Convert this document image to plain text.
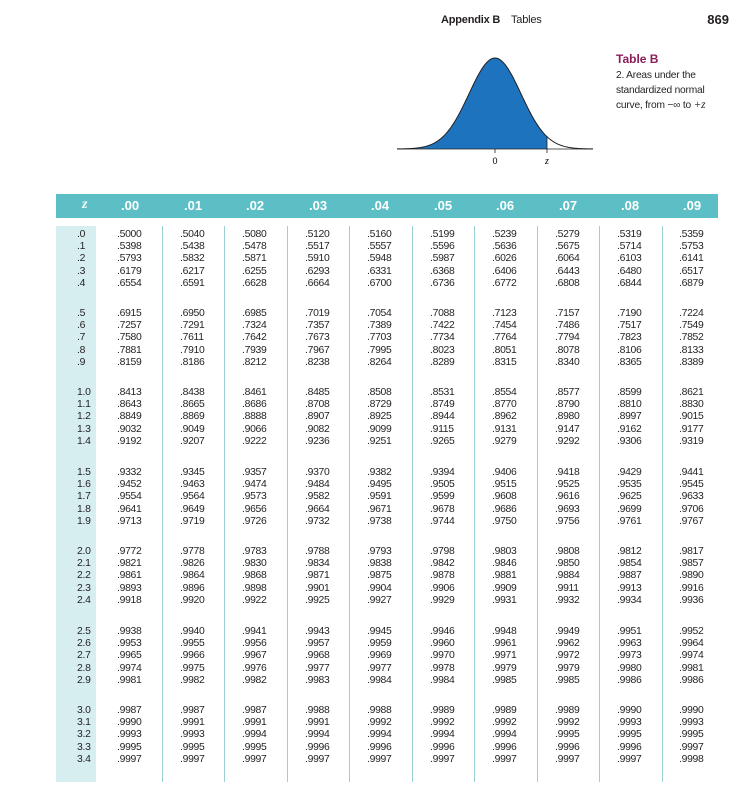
Appendix B Tables	869
0	z
Table B
2. Areas under the
standardized normal
curve, from −∞ to +z
z	.00	.01	.02	.03	.04	.05	.06	.07	.08	.09
.0	.5000	.5040	.5080	.5120	.5160	.5199	.5239	.5279	.5319	.5359
.1	.5398	.5438	.5478	.5517	.5557	.5596	.5636	.5675	.5714	.5753
.2	.5793	.5832	.5871	.5910	.5948	.5987	.6026	.6064	.6103	.6141
.3	.6179	.6217	.6255	.6293	.6331	.6368	.6406	.6443	.6480	.6517
.4	.6554	.6591	.6628	.6664	.6700	.6736	.6772	.6808	.6844	.6879
.5	.6915	.6950	.6985	.7019	.7054	.7088	.7123	.7157	.7190	.7224
.6	.7257	.7291	.7324	.7357	.7389	.7422	.7454	.7486	.7517	.7549
.7	.7580	.7611	.7642	.7673	.7703	.7734	.7764	.7794	.7823	.7852
.8	.7881	.7910	.7939	.7967	.7995	.8023	.8051	.8078	.8106	.8133
.9	.8159	.8186	.8212	.8238	.8264	.8289	.8315	.8340	.8365	.8389
1.0	.8413	.8438	.8461	.8485	.8508	.8531	.8554	.8577	.8599	.8621
1.1	.8643	.8665	.8686	.8708	.8729	.8749	.8770	.8790	.8810	.8830
1.2	.8849	.8869	.8888	.8907	.8925	.8944	.8962	.8980	.8997	.9015
1.3	.9032	.9049	.9066	.9082	.9099	.9115	.9131	.9147	.9162	.9177
1.4	.9192	.9207	.9222	.9236	.9251	.9265	.9279	.9292	.9306	.9319
1.5	.9332	.9345	.9357	.9370	.9382	.9394	.9406	.9418	.9429	.9441
1.6	.9452	.9463	.9474	.9484	.9495	.9505	.9515	.9525	.9535	.9545
1.7	.9554	.9564	.9573	.9582	.9591	.9599	.9608	.9616	.9625	.9633
1.8	.9641	.9649	.9656	.9664	.9671	.9678	.9686	.9693	.9699	.9706
1.9	.9713	.9719	.9726	.9732	.9738	.9744	.9750	.9756	.9761	.9767
2.0	.9772	.9778	.9783	.9788	.9793	.9798	.9803	.9808	.9812	.9817
2.1	.9821	.9826	.9830	.9834	.9838	.9842	.9846	.9850	.9854	.9857
2.2	.9861	.9864	.9868	.9871	.9875	.9878	.9881	.9884	.9887	.9890
2.3	.9893	.9896	.9898	.9901	.9904	.9906	.9909	.9911	.9913	.9916
2.4	.9918	.9920	.9922	.9925	.9927	.9929	.9931	.9932	.9934	.9936
2.5	.9938	.9940	.9941	.9943	.9945	.9946	.9948	.9949	.9951	.9952
2.6	.9953	.9955	.9956	.9957	.9959	.9960	.9961	.9962	.9963	.9964
2.7	.9965	.9966	.9967	.9968	.9969	.9970	.9971	.9972	.9973	.9974
2.8	.9974	.9975	.9976	.9977	.9977	.9978	.9979	.9979	.9980	.9981
2.9	.9981	.9982	.9982	.9983	.9984	.9984	.9985	.9985	.9986	.9986
3.0	.9987	.9987	.9987	.9988	.9988	.9989	.9989	.9989	.9990	.9990
3.1	.9990	.9991	.9991	.9991	.9992	.9992	.9992	.9992	.9993	.9993
3.2	.9993	.9993	.9994	.9994	.9994	.9994	.9994	.9995	.9995	.9995
3.3	.9995	.9995	.9995	.9996	.9996	.9996	.9996	.9996	.9996	.9997
3.4	.9997	.9997	.9997	.9997	.9997	.9997	.9997	.9997	.9997	.9998
